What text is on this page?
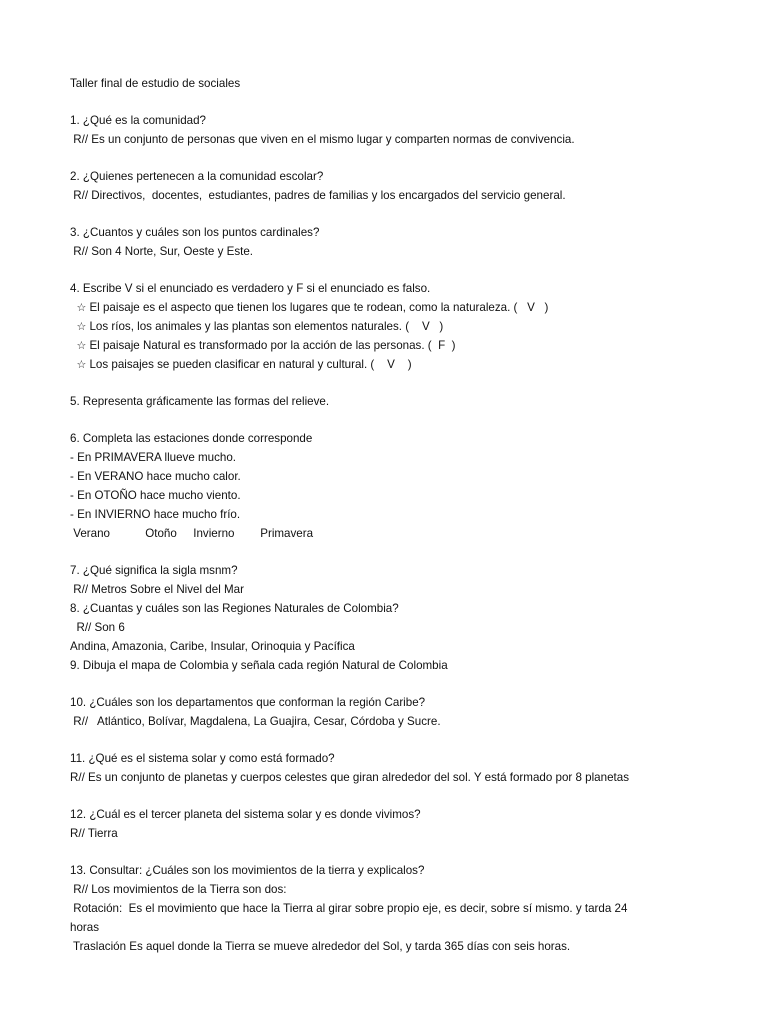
Taller final de estudio de sociales
1. ¿Qué es la comunidad?
R// Es un conjunto de personas que viven en el mismo lugar y comparten normas de convivencia.
2. ¿Quienes pertenecen a la comunidad escolar?
R// Directivos,  docentes,  estudiantes, padres de familias y los encargados del servicio general.
3. ¿Cuantos y cuáles son los puntos cardinales?
R// Son 4 Norte, Sur, Oeste y Este.
4. Escribe V si el enunciado es verdadero y F si el enunciado es falso.
☆ El paisaje es el aspecto que tienen los lugares que te rodean, como la naturaleza. (   V   )
☆ Los ríos, los animales y las plantas son elementos naturales. (    V   )
☆ El paisaje Natural es transformado por la acción de las personas. (  F  )
☆ Los paisajes se pueden clasificar en natural y cultural. (    V    )
5. Representa gráficamente las formas del relieve.
6. Completa las estaciones donde corresponde
- En PRIMAVERA llueve mucho.
- En VERANO hace mucho calor.
- En OTOÑO hace mucho viento.
- En INVIERNO hace mucho frío.
Verano	Otoño Invierno Primavera
7. ¿Qué significa la sigla msnm?
R// Metros Sobre el Nivel del Mar
8. ¿Cuantas y cuáles son las Regiones Naturales de Colombia?
R// Son 6
Andina, Amazonia, Caribe, Insular, Orinoquia y Pacífica
9. Dibuja el mapa de Colombia y señala cada región Natural de Colombia
10. ¿Cuáles son los departamentos que conforman la región Caribe?
R//   Atlántico, Bolívar, Magdalena, La Guajira, Cesar, Córdoba y Sucre.
11. ¿Qué es el sistema solar y como está formado?
R// Es un conjunto de planetas y cuerpos celestes que giran alrededor del sol. Y está formado por 8 planetas
12. ¿Cuál es el tercer planeta del sistema solar y es donde vivimos?
R// Tierra
13. Consultar: ¿Cuáles son los movimientos de la tierra y explicalos?
R// Los movimientos de la Tierra son dos:
Rotación:  Es el movimiento que hace la Tierra al girar sobre propio eje, es decir, sobre sí mismo. y tarda 24
horas
Traslación Es aquel donde la Tierra se mueve alrededor del Sol, y tarda 365 días con seis horas.
